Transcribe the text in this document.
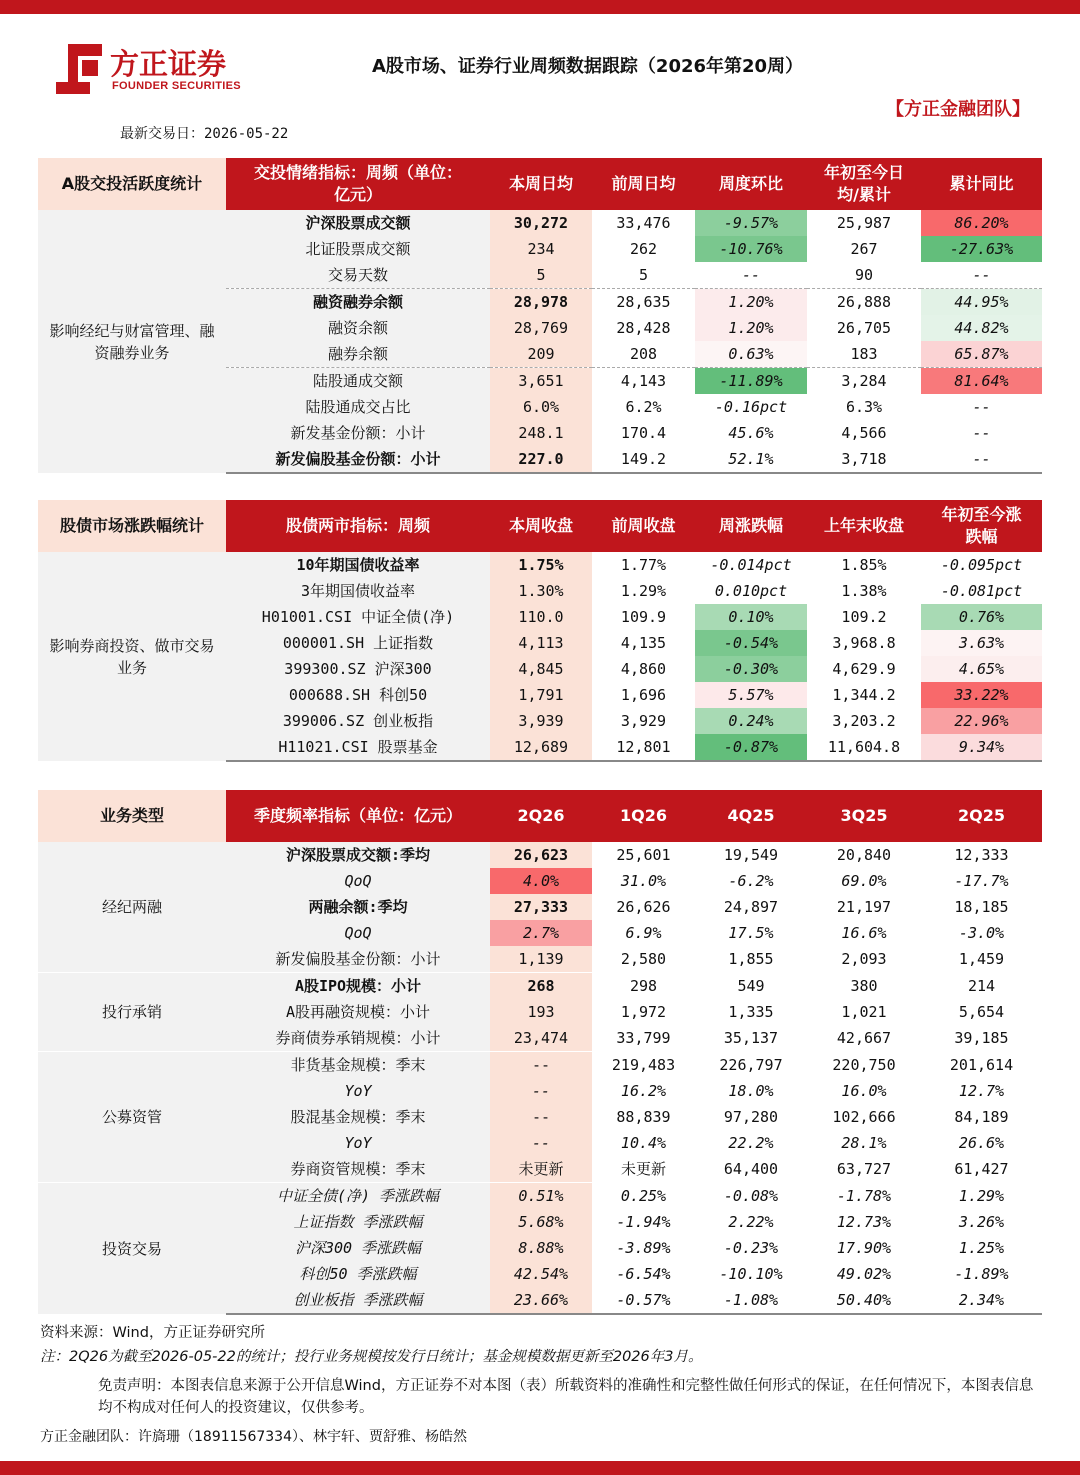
方正证券
FOUNDER SECURITIES
A股市场、证券行业周频数据跟踪（2026年第20周）
【方正金融团队】
最新交易日：2026-05-22
A股交投活跃度统计	交投情绪指标：周频（单位：亿元）	本周日均	前周日均	周度环比	年初至今日均/累计	累计同比
影响经纪与财富管理、融资融券业务	沪深股票成交额	30,272	33,476	-9.57%	25,987	86.20%
	北证股票成交额	234	262	-10.76%	267	-27.63%
	交易天数	5	5	--	90	--
	融资融券余额	28,978	28,635	1.20%	26,888	44.95%
	融资余额	28,769	28,428	1.20%	26,705	44.82%
	融券余额	209	208	0.63%	183	65.87%
	陆股通成交额	3,651	4,143	-11.89%	3,284	81.64%
	陆股通成交占比	6.0%	6.2%	-0.16pct	6.3%	--
	新发基金份额：小计	248.1	170.4	45.6%	4,566	--
	新发偏股基金份额：小计	227.0	149.2	52.1%	3,718	--
股债市场涨跌幅统计	股债两市指标：周频	本周收盘	前周收盘	周涨跌幅	上年末收盘	年初至今涨跌幅
影响券商投资、做市交易业务	10年期国债收益率	1.75%	1.77%	-0.014pct	1.85%	-0.095pct
	3年期国债收益率	1.30%	1.29%	0.010pct	1.38%	-0.081pct
	H01001.CSI 中证全债(净)	110.0	109.9	0.10%	109.2	0.76%
	000001.SH 上证指数	4,113	4,135	-0.54%	3,968.8	3.63%
	399300.SZ 沪深300	4,845	4,860	-0.30%	4,629.9	4.65%
	000688.SH 科创50	1,791	1,696	5.57%	1,344.2	33.22%
	399006.SZ 创业板指	3,939	3,929	0.24%	3,203.2	22.96%
	H11021.CSI 股票基金	12,689	12,801	-0.87%	11,604.8	9.34%
业务类型	季度频率指标（单位：亿元）	2Q26	1Q26	4Q25	3Q25	2Q25
经纪两融	沪深股票成交额:季均	26,623	25,601	19,549	20,840	12,333
	QoQ	4.0%	31.0%	-6.2%	69.0%	-17.7%
	两融余额:季均	27,333	26,626	24,897	21,197	18,185
	QoQ	2.7%	6.9%	17.5%	16.6%	-3.0%
	新发偏股基金份额：小计	1,139	2,580	1,855	2,093	1,459
投行承销	A股IPO规模：小计	268	298	549	380	214
	A股再融资规模：小计	193	1,972	1,335	1,021	5,654
	券商债券承销规模：小计	23,474	33,799	35,137	42,667	39,185
公募资管	非货基金规模：季末	--	219,483	226,797	220,750	201,614
	YoY	--	16.2%	18.0%	16.0%	12.7%
	股混基金规模：季末	--	88,839	97,280	102,666	84,189
	YoY	--	10.4%	22.2%	28.1%	26.6%
	券商资管规模：季末	未更新	未更新	64,400	63,727	61,427
投资交易	中证全债(净) 季涨跌幅	0.51%	0.25%	-0.08%	-1.78%	1.29%
	上证指数 季涨跌幅	5.68%	-1.94%	2.22%	12.73%	3.26%
	沪深300 季涨跌幅	8.88%	-3.89%	-0.23%	17.90%	1.25%
	科创50 季涨跌幅	42.54%	-6.54%	-10.10%	49.02%	-1.89%
	创业板指 季涨跌幅	23.66%	-0.57%	-1.08%	50.40%	2.34%
资料来源：Wind，方正证券研究所
注：2Q26为截至2026-05-22的统计；投行业务规模按发行日统计；基金规模数据更新至2026年3月。
免责声明：本图表信息来源于公开信息Wind，方正证券不对本图（表）所载资料的准确性和完整性做任何形式的保证，在任何情况下，本图表信息均不构成对任何人的投资建议，仅供参考。
方正金融团队：许旖珊（18911567334）、林宇轩、贾舒雅、杨皓然
